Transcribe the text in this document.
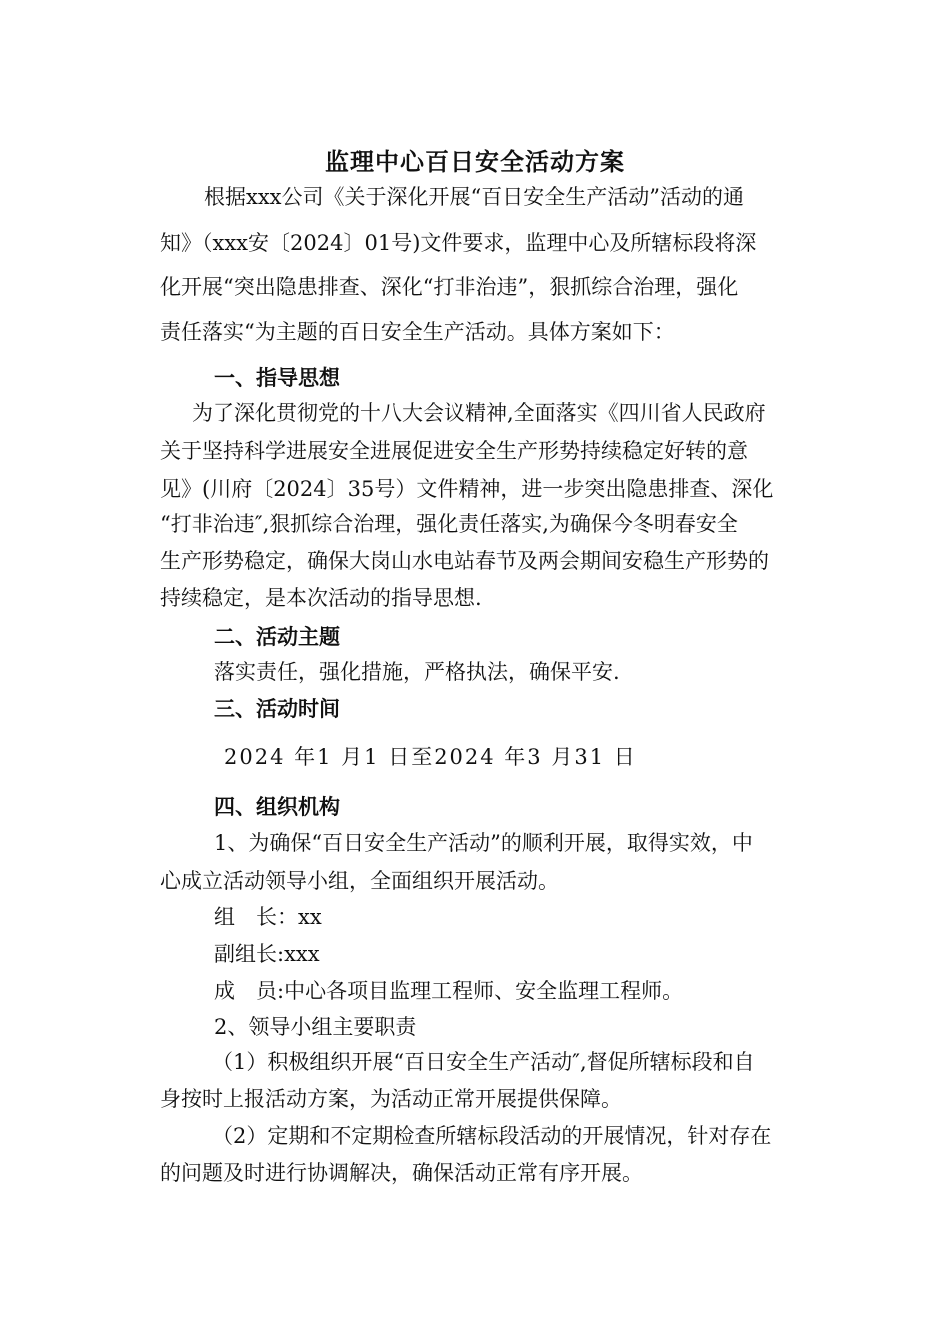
监理中心百日安全活动方案
根据xxx公司《关于深化开展“百日安全生产活动”活动的通
知》（xxx安〔2024〕01号)文件要求，监理中心及所辖标段将深
化开展“突出隐患排查、深化“打非治违”，狠抓综合治理，强化
责任落实“为主题的百日安全生产活动。具体方案如下：
一、指导思想
为了深化贯彻党的十八大会议精神,全面落实《四川省人民政府
关于坚持科学进展安全进展促进安全生产形势持续稳定好转的意
见》(川府〔2024〕35号）文件精神，进一步突出隐患排查、深化
“打非治违″,狠抓综合治理，强化责任落实,为确保今冬明春安全
生产形势稳定，确保大岗山水电站春节及两会期间安稳生产形势的
持续稳定，是本次活动的指导思想.
二、活动主题
落实责任，强化措施，严格执法，确保平安.
三、活动时间
2024 年1 月1 日至2024 年3 月31 日
四、组织机构
1、为确保“百日安全生产活动”的顺利开展，取得实效，中
心成立活动领导小组，全面组织开展活动。
组　长：xx
副组长:xxx
成　员:中心各项目监理工程师、安全监理工程师。
2、领导小组主要职责
（1）积极组织开展“百日安全生产活动″,督促所辖标段和自
身按时上报活动方案，为活动正常开展提供保障。
（2）定期和不定期检查所辖标段活动的开展情况，针对存在
的问题及时进行协调解决，确保活动正常有序开展。
